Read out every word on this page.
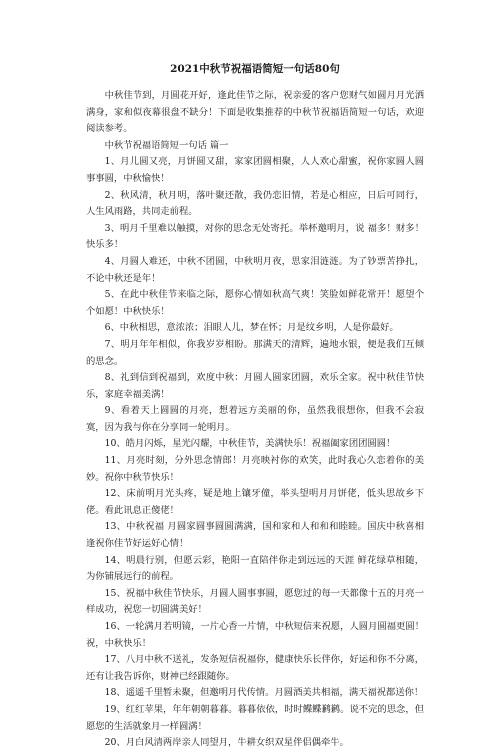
2021中秋节祝福语简短一句话80句

中秋佳节到，月圆花开好，逢此佳节之际，祝亲爱的客户您财气如圆月月光洒满身，家和似夜幕很盘不缺分！下面是收集推荐的中秋节祝福语简短一句话，欢迎阅读参考。

中秋节祝福语简短一句话 篇一

1、月儿圆又亮，月饼圆又甜，家家团圆相聚，人人欢心甜蜜，祝你家圆人圆事事圆，中秋愉快！

2、秋风清，秋月明，落叶聚还散，我仍恋旧情，若是心相应，日后可同行，人生风雨路，共同走前程。

3、明月千里难以触摸，对你的思念无处寄托。举杯邀明月，说 福多！财多！快乐多！

4、月圆人难还，中秋不团圆，中秋明月夜，思家泪涟涟。为了钞票苦挣扎，不论中秋还是年！

5、在此中秋佳节来临之际，愿你心情如秋高气爽！笑脸如鲜花常开！愿望个个如愿！中秋快乐！

6、中秋相思，意浓浓；泪眼人儿，梦在怀；月是纹乡明，人是你最好。

7、明月年年相似，你我岁岁相盼。那满天的清辉，遍地水银，便是我们互倾的思念。

8、礼到信到祝福到，欢度中秋：月圆人圆家团圆，欢乐全家。祝中秋佳节快乐，家庭幸福美满！

9、看着天上圆圆的月亮，想着远方美丽的你，虽然我很想你，但我不会寂寞，因为我与你在分享同一轮明月。

10、皓月闪烁，星光闪耀，中秋佳节，美满快乐！祝福阖家团团圆圆！

11、月亮时刻，分外思念情郎！月亮映衬你的欢笑，此时我心久恋着你的美妙。祝你中秋节快乐！

12、床前明月光头疼，疑是地上镶牙僮，举头望明月月饼佬，低头思故乡下佬。看此讯息正傻佬！

13、中秋祝福 月圆家圆事圆圆满满，国和家和人和和和睦睦。国庆中秋喜相逢祝你佳节好运好心情！

14、明晨行别，但愿云彩，艳阳一直陪伴你走到远远的天涯 鲜花绿草相随，为你铺展远行的前程。

15、祝福中秋佳节快乐，月圆人圆事事圆，愿您过的每一天都像十五的月亮一样成功，祝您一切圆满美好！

16、一轮满月若明镜，一片心香一片情，中秋短信来祝愿，人圆月圆福更圆！祝，中秋快乐！

17、八月中秋不送礼，发条短信祝福你，健康快乐长伴你，好运和你不分离，还有让我告诉你，财神已经跟随你。

18、遥遥千里暂未聚，但邀明月代传情。月圆酒美共相福，满天福祝都送你！

19、红红苹果，年年朝朝暮暮。暮暮依依，时时鲽鲽鹣鹣。说不完的思念，但愿您的生活就象月一样圆满！

20、月白风清两岸亲人同望月，牛耕女织双星伴侣偶牵牛。
